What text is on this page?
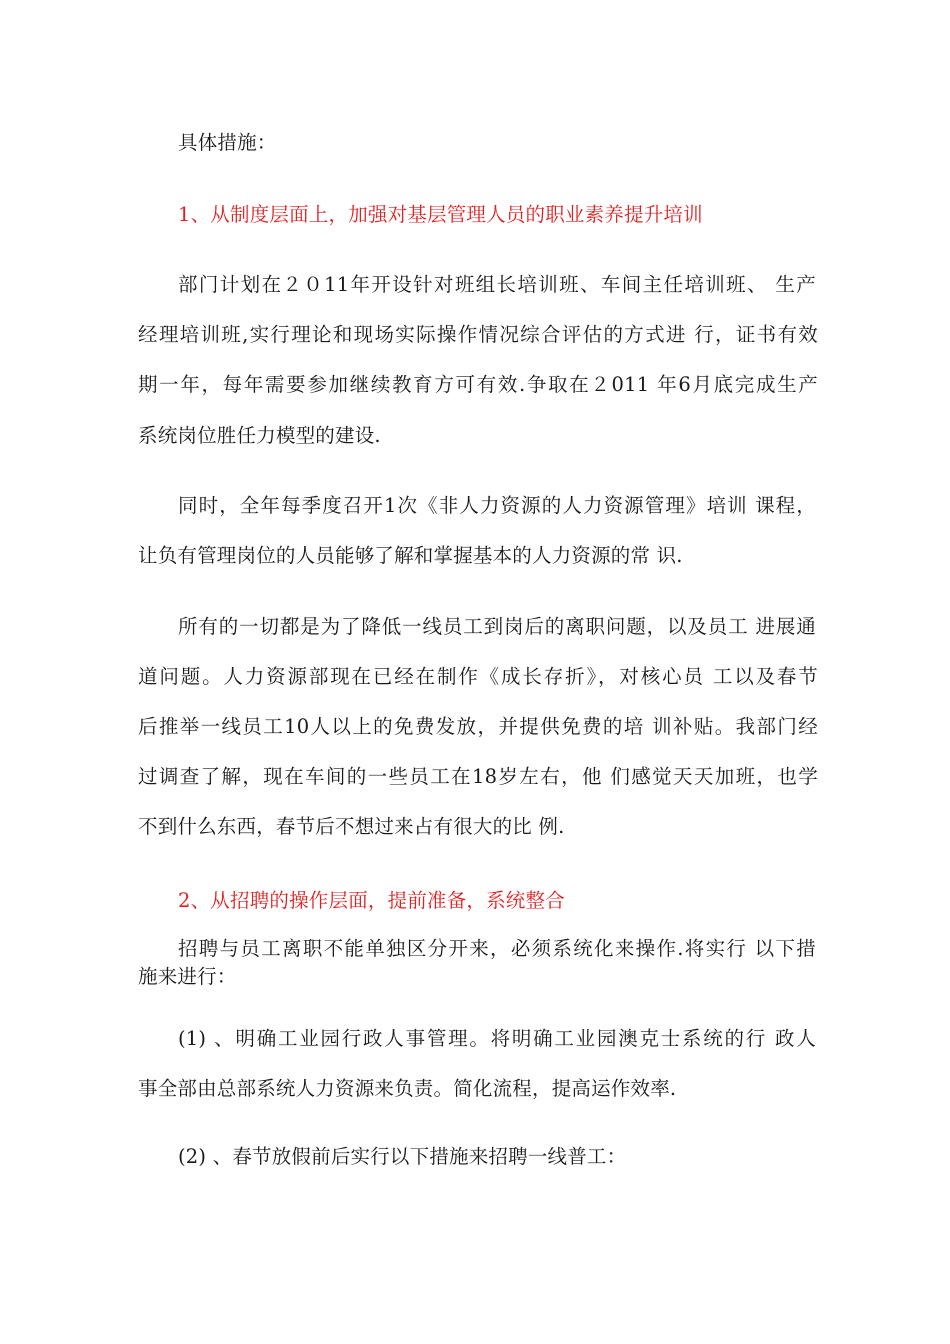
具体措施：
1、从制度层面上，加强对基层管理人员的职业素养提升培训
部门计划在２０11年开设针对班组长培训班、车间主任培训班、 生产
经理培训班,实行理论和现场实际操作情况综合评估的方式进 行，证书有效
期一年，每年需要参加继续教育方可有效.争取在２011 年6月底完成生产
系统岗位胜任力模型的建设.
同时，全年每季度召开1次《非人力资源的人力资源管理》培训 课程，
让负有管理岗位的人员能够了解和掌握基本的人力资源的常 识.
所有的一切都是为了降低一线员工到岗后的离职问题，以及员工 进展通
道问题。人力资源部现在已经在制作《成长存折》，对核心员 工以及春节
后推举一线员工10人以上的免费发放，并提供免费的培 训补贴。我部门经
过调查了解，现在车间的一些员工在18岁左右，他 们感觉天天加班，也学
不到什么东西，春节后不想过来占有很大的比 例.
2、从招聘的操作层面，提前准备，系统整合
招聘与员工离职不能单独区分开来，必须系统化来操作.将实行 以下措
施来进行：
(1) 、明确工业园行政人事管理。将明确工业园澳克士系统的行 政人
事全部由总部系统人力资源来负责。简化流程，提高运作效率.
(2) 、春节放假前后实行以下措施来招聘一线普工：
